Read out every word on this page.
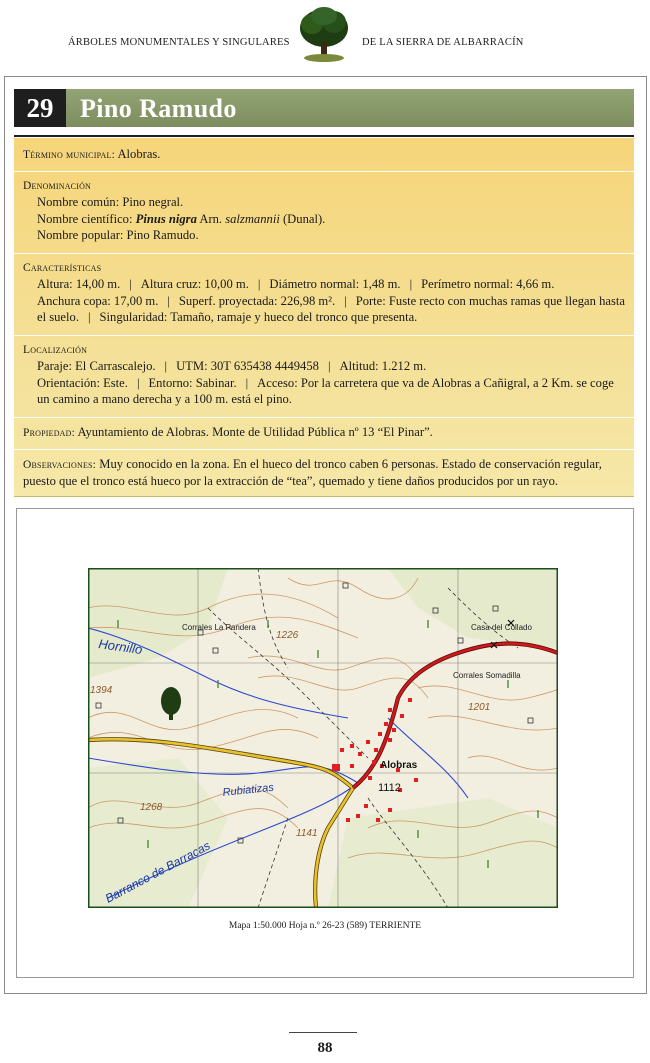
ÁRBOLES MONUMENTALES Y SINGULARES	DE LA SIERRA DE ALBARRACÍN
29	Pino Ramudo
Término municipal: Alobras.
Denominación
Nombre común: Pino negral.
Nombre científico: Pinus nigra Arn. salzmannii (Dunal).
Nombre popular: Pino Ramudo.
Características
Altura: 14,00 m. | Altura cruz: 10,00 m. | Diámetro normal: 1,48 m. | Perímetro normal: 4,66 m.
Anchura copa: 17,00 m. | Superf. proyectada: 226,98 m². | Porte: Fuste recto con muchas ramas que llegan hasta el suelo. | Singularidad: Tamaño, ramaje y hueco del tronco que presenta.
Localización
Paraje: El Carrascalejo. | UTM: 30T 635438 4449458 | Altitud: 1.212 m.
Orientación: Este. | Entorno: Sabinar. | Acceso: Por la carretera que va de Alobras a Cañigral, a 2 Km. se coge un camino a mano derecha y a 100 m. está el pino.
Propiedad: Ayuntamiento de Alobras. Monte de Utilidad Pública nº 13 “El Pinar”.
Observaciones: Muy conocido en la zona. En el hueco del tronco caben 6 personas. Estado de conservación regular, puesto que el tronco está hueco por la extracción de “tea”, quemado y tiene daños producidos por un rayo.
Hornillo
Corrales La Pandera	Casa del Collado
Corrales Somadilla
Alobras
Rubiatizas
Barranco de Barracas
1226
1394
1201
1112
1268
1141
Mapa 1:50.000 Hoja n.º 26-23 (589) TERRIENTE
88
